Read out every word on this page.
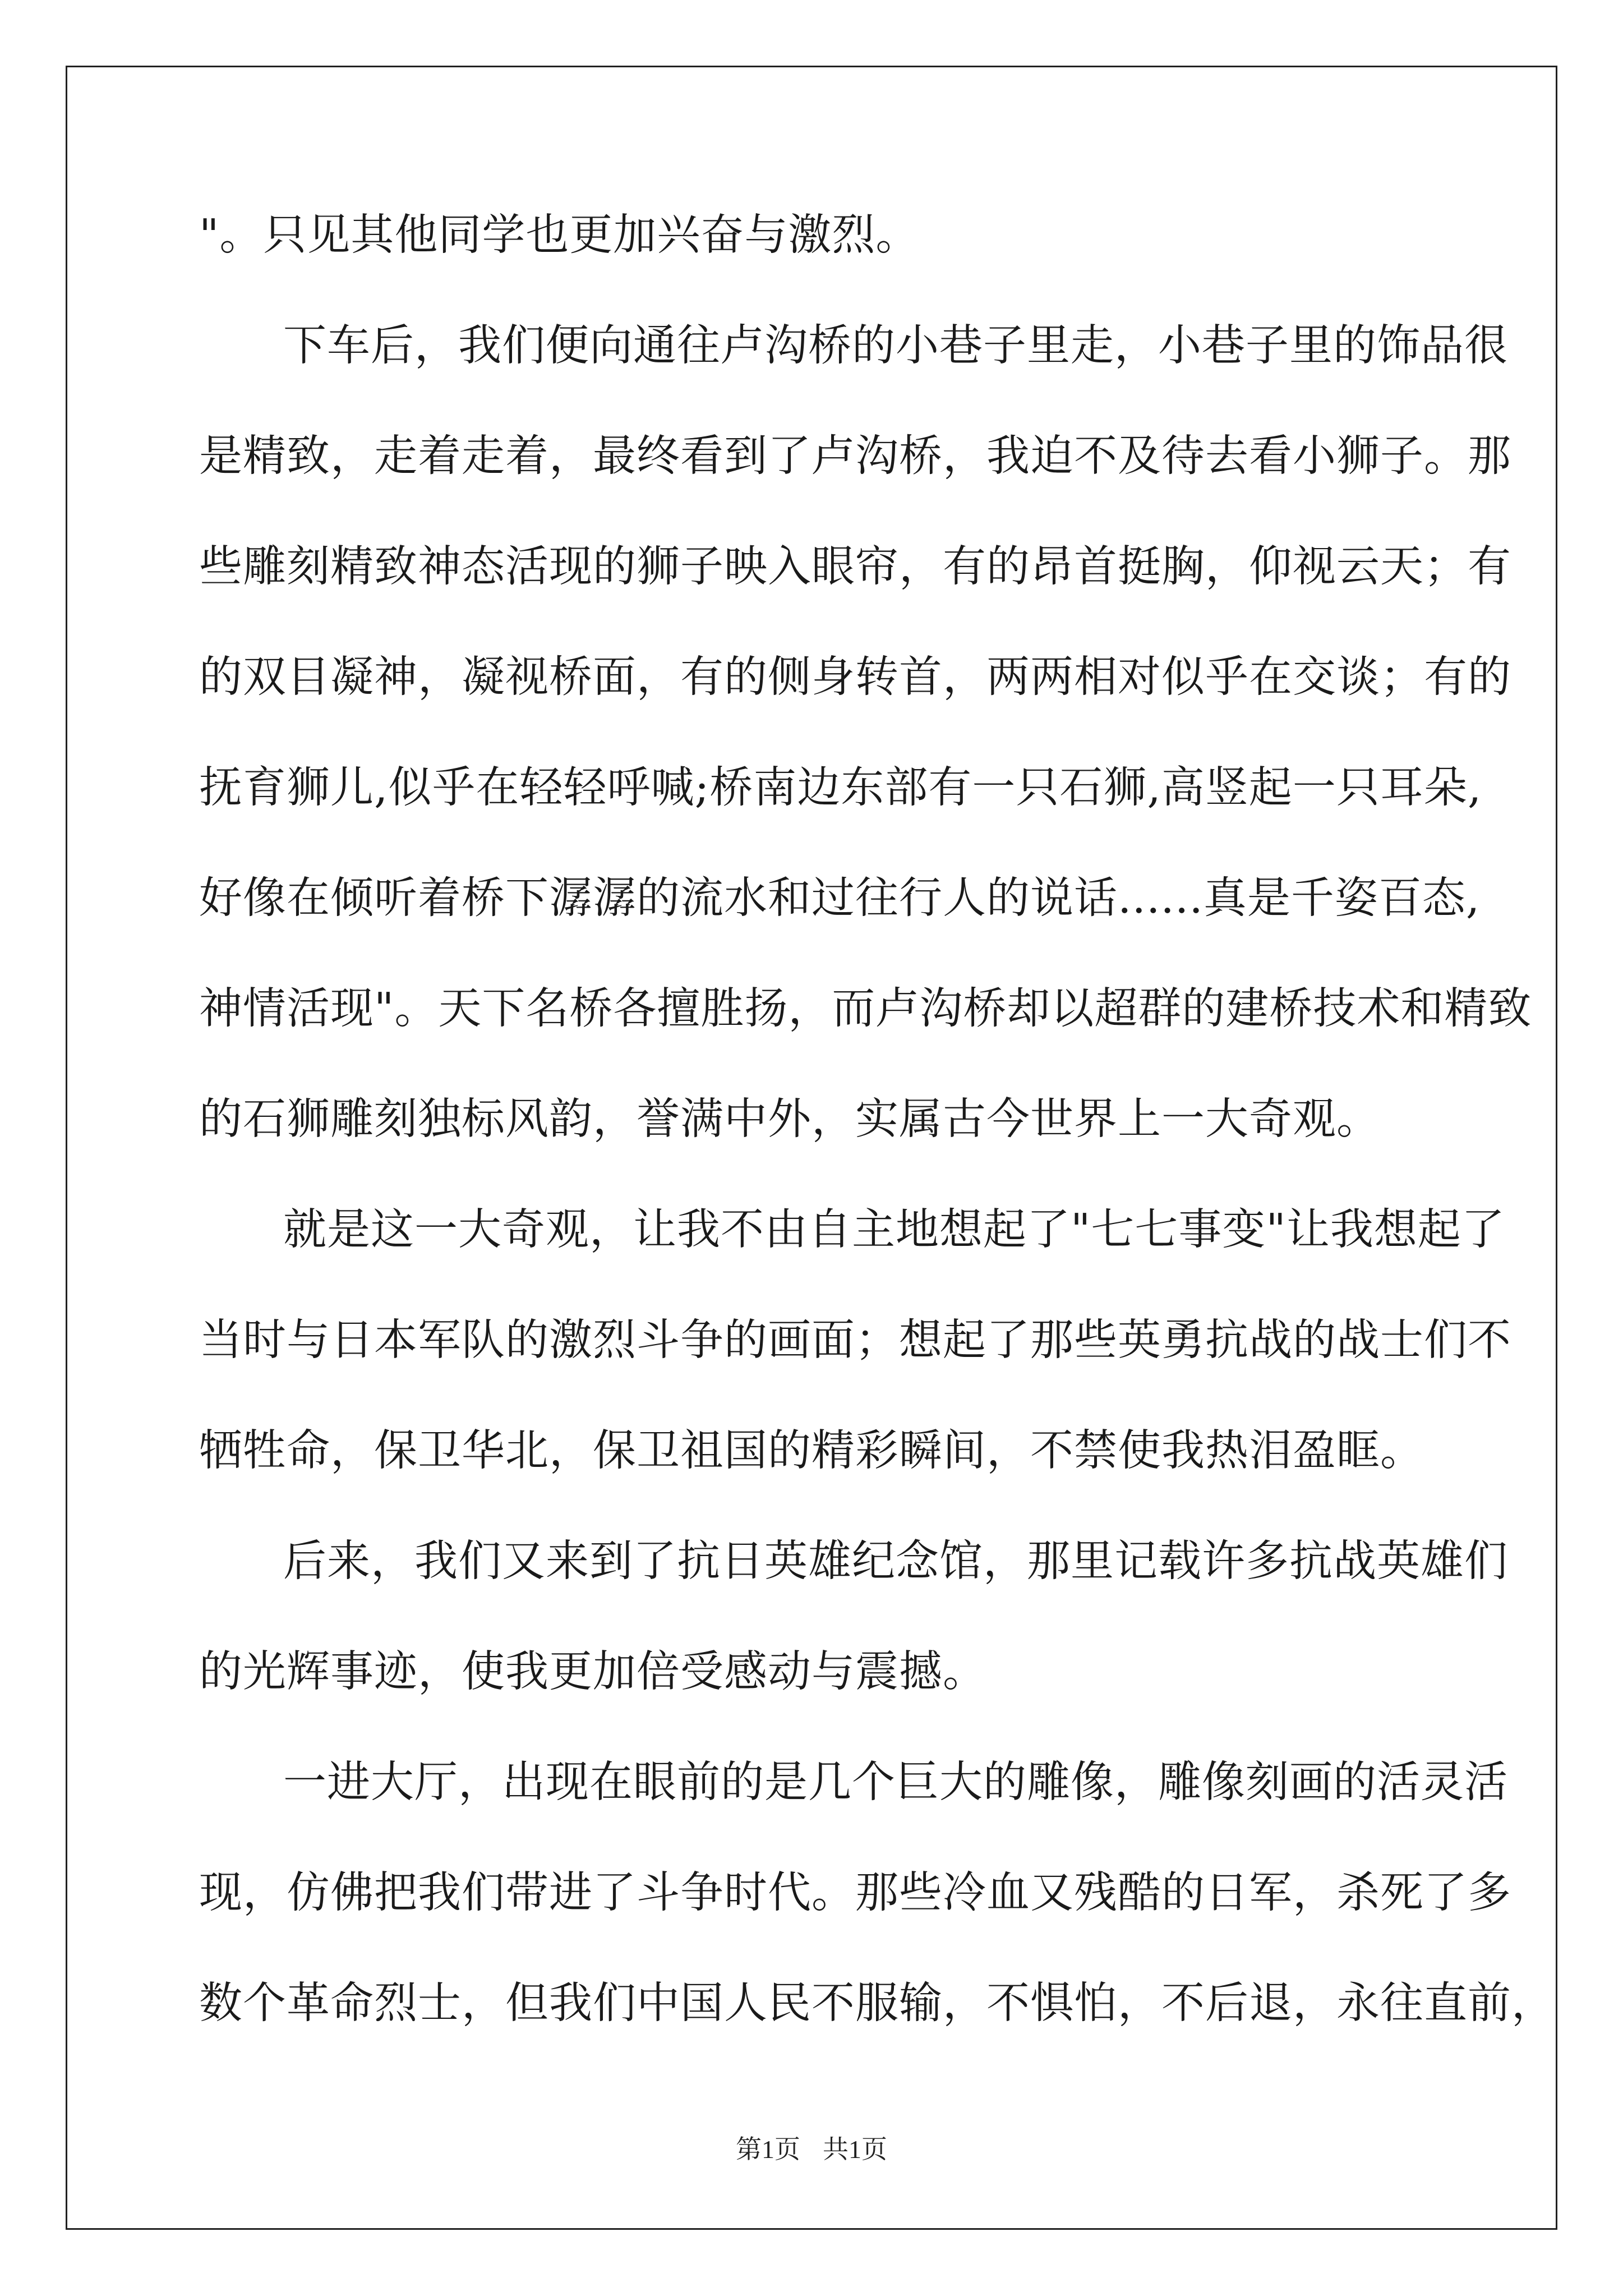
"。只见其他同学也更加兴奋与激烈。
下车后，我们便向通往卢沟桥的小巷子里走，小巷子里的饰品很
是精致，走着走着，最终看到了卢沟桥，我迫不及待去看小狮子。那
些雕刻精致神态活现的狮子映入眼帘，有的昂首挺胸，仰视云天；有
的双目凝神，凝视桥面，有的侧身转首，两两相对似乎在交谈；有的
抚育狮儿,似乎在轻轻呼喊;桥南边东部有一只石狮,高竖起一只耳朵,
好像在倾听着桥下潺潺的流水和过往行人的说话......真是千姿百态,
神情活现"。天下名桥各擅胜扬，而卢沟桥却以超群的建桥技术和精致
的石狮雕刻独标风韵，誉满中外，实属古今世界上一大奇观。
就是这一大奇观，让我不由自主地想起了"七七事变"让我想起了
当时与日本军队的激烈斗争的画面；想起了那些英勇抗战的战士们不
牺牲命，保卫华北，保卫祖国的精彩瞬间，不禁使我热泪盈眶。
后来，我们又来到了抗日英雄纪念馆，那里记载许多抗战英雄们
的光辉事迹，使我更加倍受感动与震撼。
一进大厅，出现在眼前的是几个巨大的雕像，雕像刻画的活灵活
现，仿佛把我们带进了斗争时代。那些冷血又残酷的日军，杀死了多
数个革命烈士，但我们中国人民不服输，不惧怕，不后退，永往直前，
第1页 共1页
